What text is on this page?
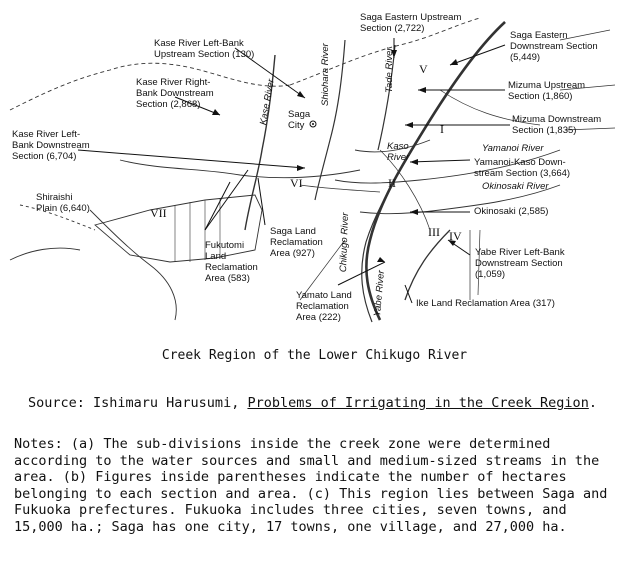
Kase River Left-Bank
Upstream Section (130)
Kase River Right-
Bank Downstream
Section (2,868)
Kase River Left-
Bank Downstream
Section (6,704)
Shiraishi
Plain (6,640)
Fukutomi
Land
Reclamation
Area (583)
Saga Land
Reclamation
Area (927)
Yamato Land
Reclamation
Area (222)
Ike Land Reclamation Area (317)
Yabe River Left-Bank
Downstream Section
(1,059)
Okinosaki (2,585)
Yamanoi-Kaso Down-
stream Section (3,664)
Mizuma Downstream
Section (1,835)
Mizuma Upstream
Section (1,860)
Saga Eastern
Downstream Section
(5,449)
Saga Eastern Upstream
Section (2,722)
Saga
City
Yamanoi River
Okinosaki River
Kaso River
Shiohara River	Tade River
Kase River
Chikugo River
Yabe River
I
II
III IV
V
VI
VII
Creek Region of the Lower Chikugo River
Source: Ishimaru Harusumi, Problems of Irrigating in the Creek Region.
Notes: (a) The sub-divisions inside the creek zone were determined according to the water sources and small and medium-sized streams in the area. (b) Figures inside parentheses indicate the number of hectares belonging to each section and area. (c) This region lies between Saga and Fukuoka prefectures. Fukuoka includes three cities, seven towns, and 15,000 ha.; Saga has one city, 17 towns, one village, and 27,000 ha.
